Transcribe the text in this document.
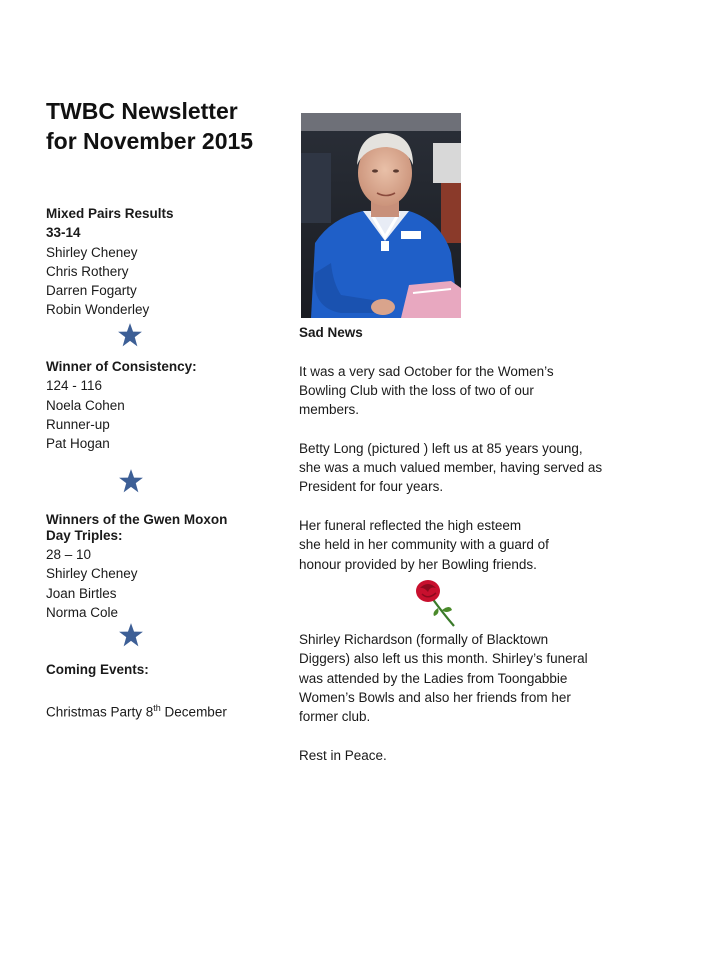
TWBC Newsletter
for November 2015
Mixed Pairs Results
33-14
Shirley Cheney
Chris Rothery
Darren Fogarty
Robin Wonderley
Winner of Consistency:
124 - 116
Noela Cohen
Runner-up
Pat Hogan
Winners of the Gwen Moxon
Day Triples:
28 – 10
Shirley Cheney
Joan Birtles
Norma Cole
Coming Events:
Christmas Party 8th December
Sad News
It was a very sad October for the Women’s
Bowling Club with the loss of two of our
members.
Betty Long (pictured ) left us at 85 years young,
she was a much valued member, having served as
President for four years.
Her funeral reflected the high esteem
she held in her community with a guard of
honour provided by her Bowling friends.
Shirley Richardson (formally of Blacktown
Diggers) also left us this month. Shirley’s funeral
was attended by the Ladies from Toongabbie
Women’s Bowls and also her friends from her
former club.
Rest in Peace.
